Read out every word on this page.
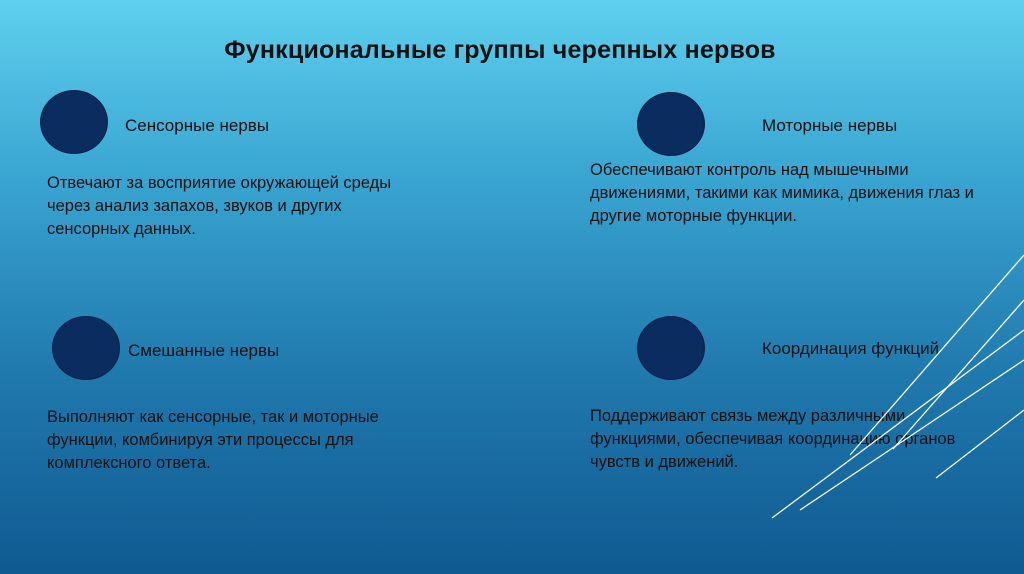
Функциональные группы черепных нервов
Сенсорные нервы
Отвечают за восприятие окружающей среды через анализ запахов, звуков и других сенсорных данных.
Моторные нервы
Обеспечивают контроль над мышечными движениями, такими как мимика, движения глаз и другие моторные функции.
Смешанные нервы
Выполняют как сенсорные, так и моторные функции, комбинируя эти процессы для комплексного ответа.
Координация функций
Поддерживают связь между различными функциями, обеспечивая координацию органов чувств и движений.
